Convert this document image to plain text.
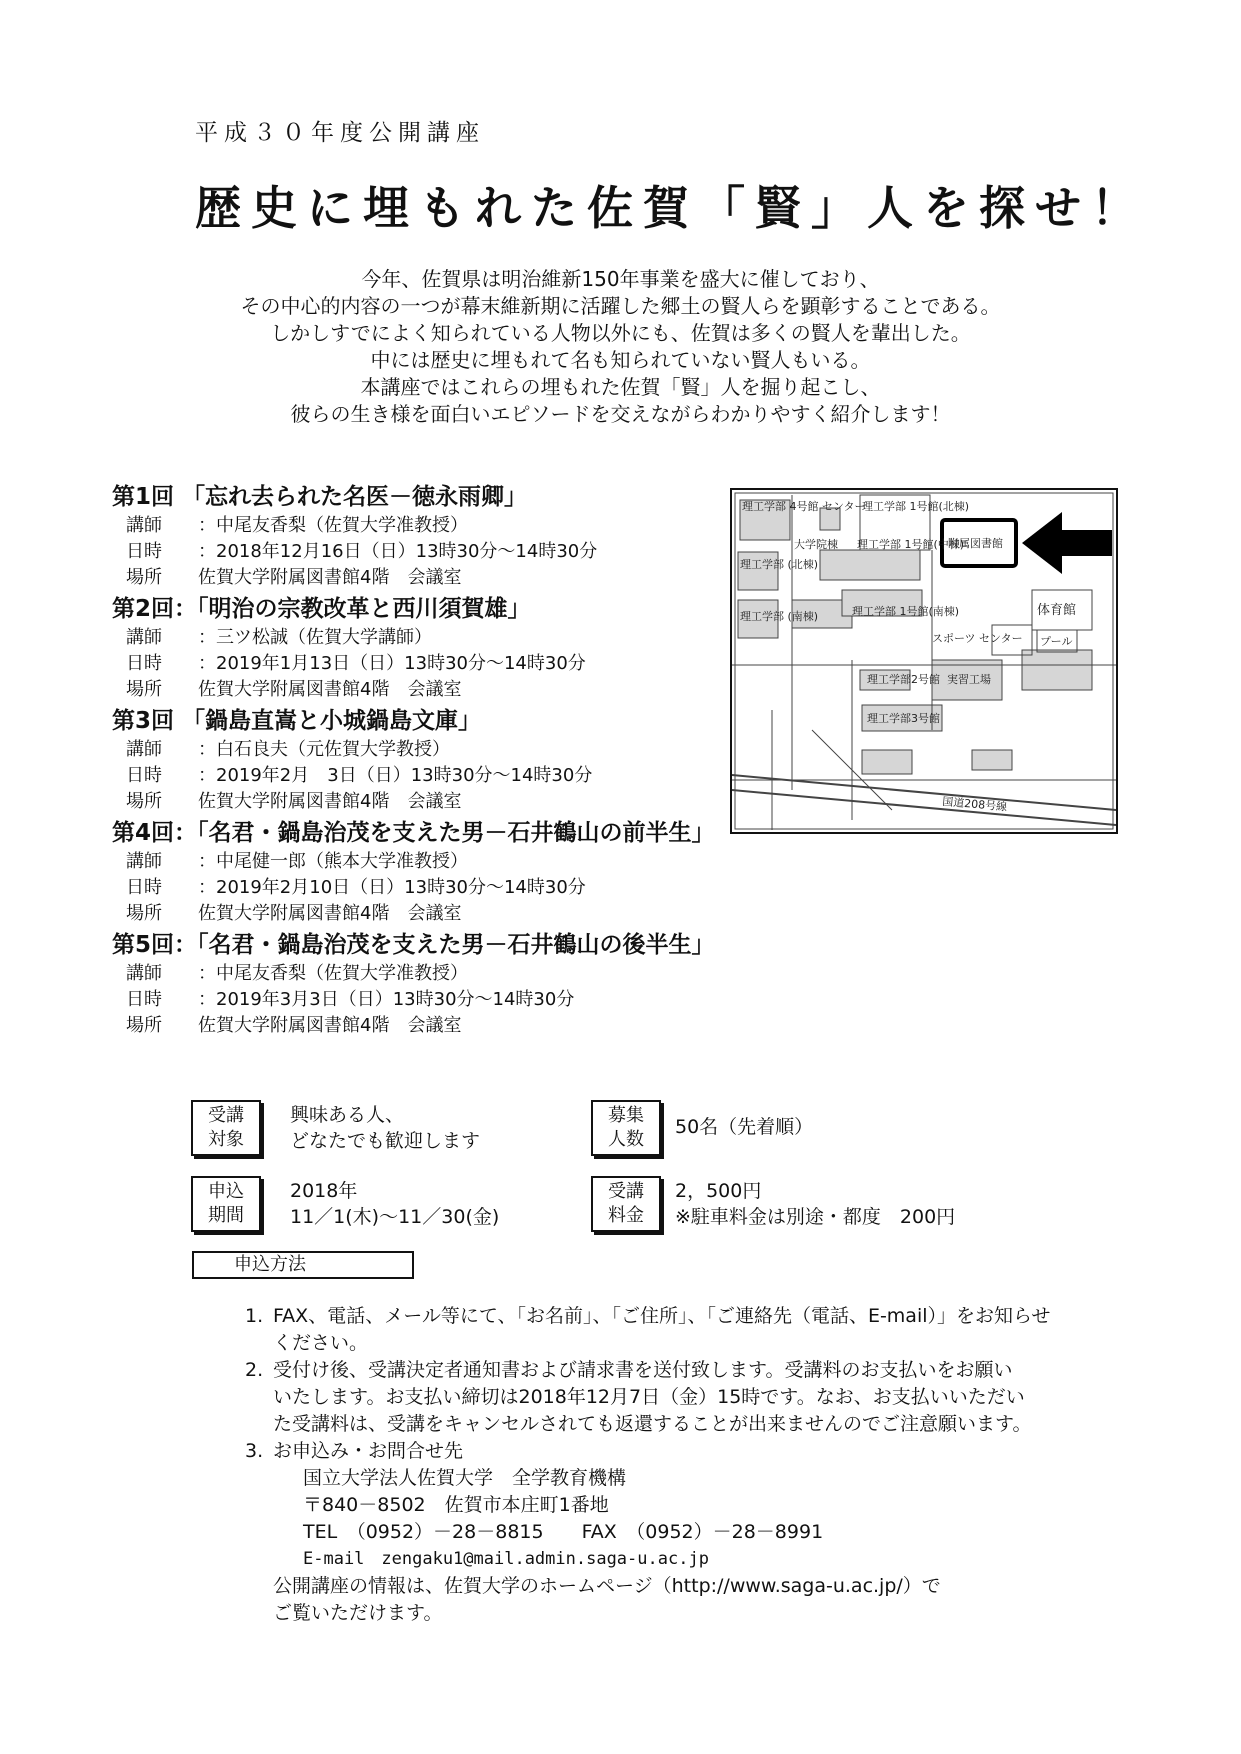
平成３０年度公開講座
歴史に埋もれた佐賀「賢」人を探せ！
今年、佐賀県は明治維新150年事業を盛大に催しており、
その中心的内容の一つが幕末維新期に活躍した郷土の賢人らを顕彰することである。
しかしすでによく知られている人物以外にも、佐賀は多くの賢人を輩出した。
中には歴史に埋もれて名も知られていない賢人もいる。
本講座ではこれらの埋もれた佐賀「賢」人を掘り起こし、
彼らの生き様を面白いエピソードを交えながらわかりやすく紹介します！
第1回 「忘れ去られた名医－徳永雨卿」
講師 ：中尾友香梨（佐賀大学准教授）
日時 ：2018年12月16日（日）13時30分～14時30分
場所 佐賀大学附属図書館4階　会議室
第2回：「明治の宗教改革と西川須賀雄」
講師 ：三ツ松誠（佐賀大学講師）
日時 ：2019年1月13日（日）13時30分～14時30分
場所 佐賀大学附属図書館4階　会議室
第3回 「鍋島直嵩と小城鍋島文庫」
講師 ：白石良夫（元佐賀大学教授）
日時 ：2019年2月　3日（日）13時30分～14時30分
場所 佐賀大学附属図書館4階　会議室
第4回：「名君・鍋島治茂を支えた男－石井鶴山の前半生」
講師 ：中尾健一郎（熊本大学准教授）
日時 ：2019年2月10日（日）13時30分～14時30分
場所 佐賀大学附属図書館4階　会議室
第5回：「名君・鍋島治茂を支えた男－石井鶴山の後半生」
講師 ：中尾友香梨（佐賀大学准教授）
日時 ：2019年3月3日（日）13時30分～14時30分
場所 佐賀大学附属図書館4階　会議室
理工学部 4号館 センター
理工学部 1号館(北棟)
附属図書館
大学院棟 理工学部 1号館(中棟)
理工学部 (北棟)
体育館
理工学部 1号館(南棟)
理工学部 (南棟)
スポーツ センター プール
理工学部2号館 実習工場
理工学部3号館
国道208号線
受講
対象
興味ある人、
どなたでも歓迎します
募集
人数
50名（先着順）
申込
期間
2018年
11／1(木)～11／30(金)
受講
料金
2，500円
※駐車料金は別途・都度　200円
申込方法
1. FAX、電話、メール等にて、「お名前」、「ご住所」、「ご連絡先（電話、E-mail）」をお知らせ
ください。
2. 受付け後、受講決定者通知書および請求書を送付致します。受講料のお支払いをお願い
いたします。お支払い締切は2018年12月7日（金）15時です。なお、お支払いいただい
た受講料は、受講をキャンセルされても返還することが出来ませんのでご注意願います。
3. お申込み・お問合せ先
国立大学法人佐賀大学　全学教育機構
〒840－8502　佐賀市本庄町1番地
TEL　（0952）－28－8815　　FAX　（0952）－28－8991
E-mail　zengaku1@mail.admin.saga-u.ac.jp
公開講座の情報は、佐賀大学のホームページ（http://www.saga-u.ac.jp/）で
ご覧いただけます。
